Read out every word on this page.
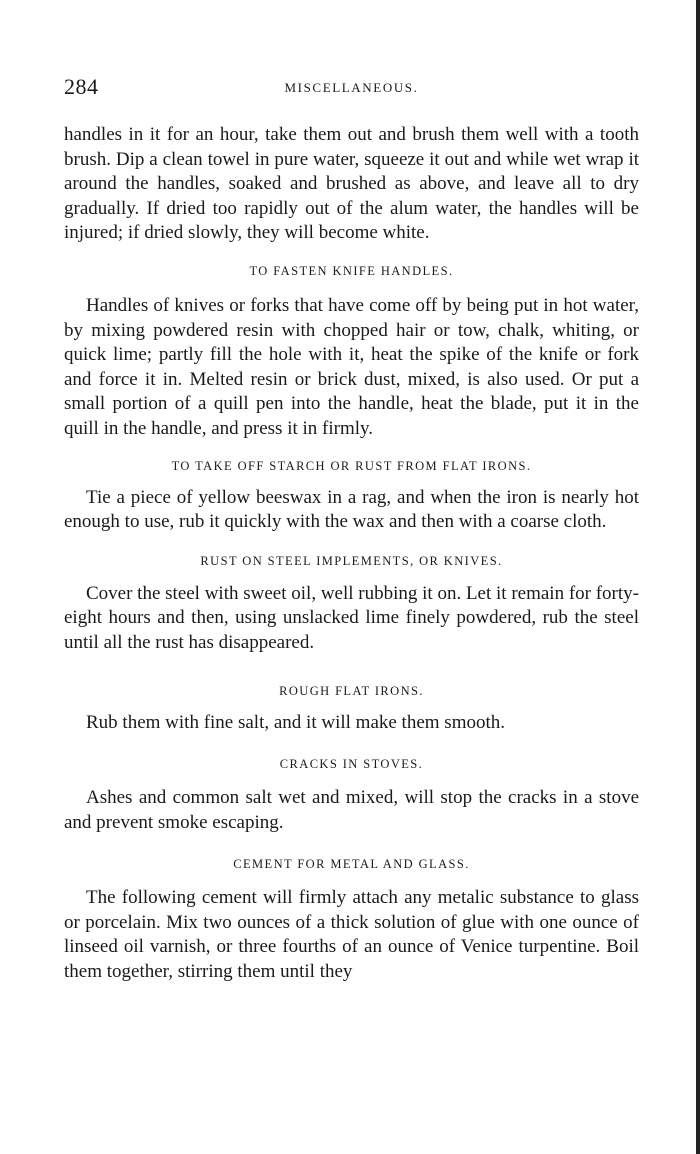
284	MISCELLANEOUS.

handles in it for an hour, take them out and brush them well with a tooth brush. Dip a clean towel in pure water, squeeze it out and while wet wrap it around the handles, soaked and brushed as above, and leave all to dry gradually. If dried too rapidly out of the alum water, the handles will be injured; if dried slowly, they will become white.

TO FASTEN KNIFE HANDLES.

Handles of knives or forks that have come off by being put in hot water, by mixing powdered resin with chopped hair or tow, chalk, whiting, or quick lime; partly fill the hole with it, heat the spike of the knife or fork and force it in. Melted resin or brick dust, mixed, is also used. Or put a small portion of a quill pen into the handle, heat the blade, put it in the quill in the handle, and press it in firmly.

TO TAKE OFF STARCH OR RUST FROM FLAT IRONS.

Tie a piece of yellow beeswax in a rag, and when the iron is nearly hot enough to use, rub it quickly with the wax and then with a coarse cloth.

RUST ON STEEL IMPLEMENTS, OR KNIVES.

Cover the steel with sweet oil, well rubbing it on. Let it remain for forty-eight hours and then, using unslacked lime finely powdered, rub the steel until all the rust has disappeared.

ROUGH FLAT IRONS.

Rub them with fine salt, and it will make them smooth.

CRACKS IN STOVES.

Ashes and common salt wet and mixed, will stop the cracks in a stove and prevent smoke escaping.

CEMENT FOR METAL AND GLASS.

The following cement will firmly attach any metalic substance to glass or porcelain. Mix two ounces of a thick solution of glue with one ounce of linseed oil varnish, or three fourths of an ounce of Venice turpentine. Boil them together, stirring them until they
